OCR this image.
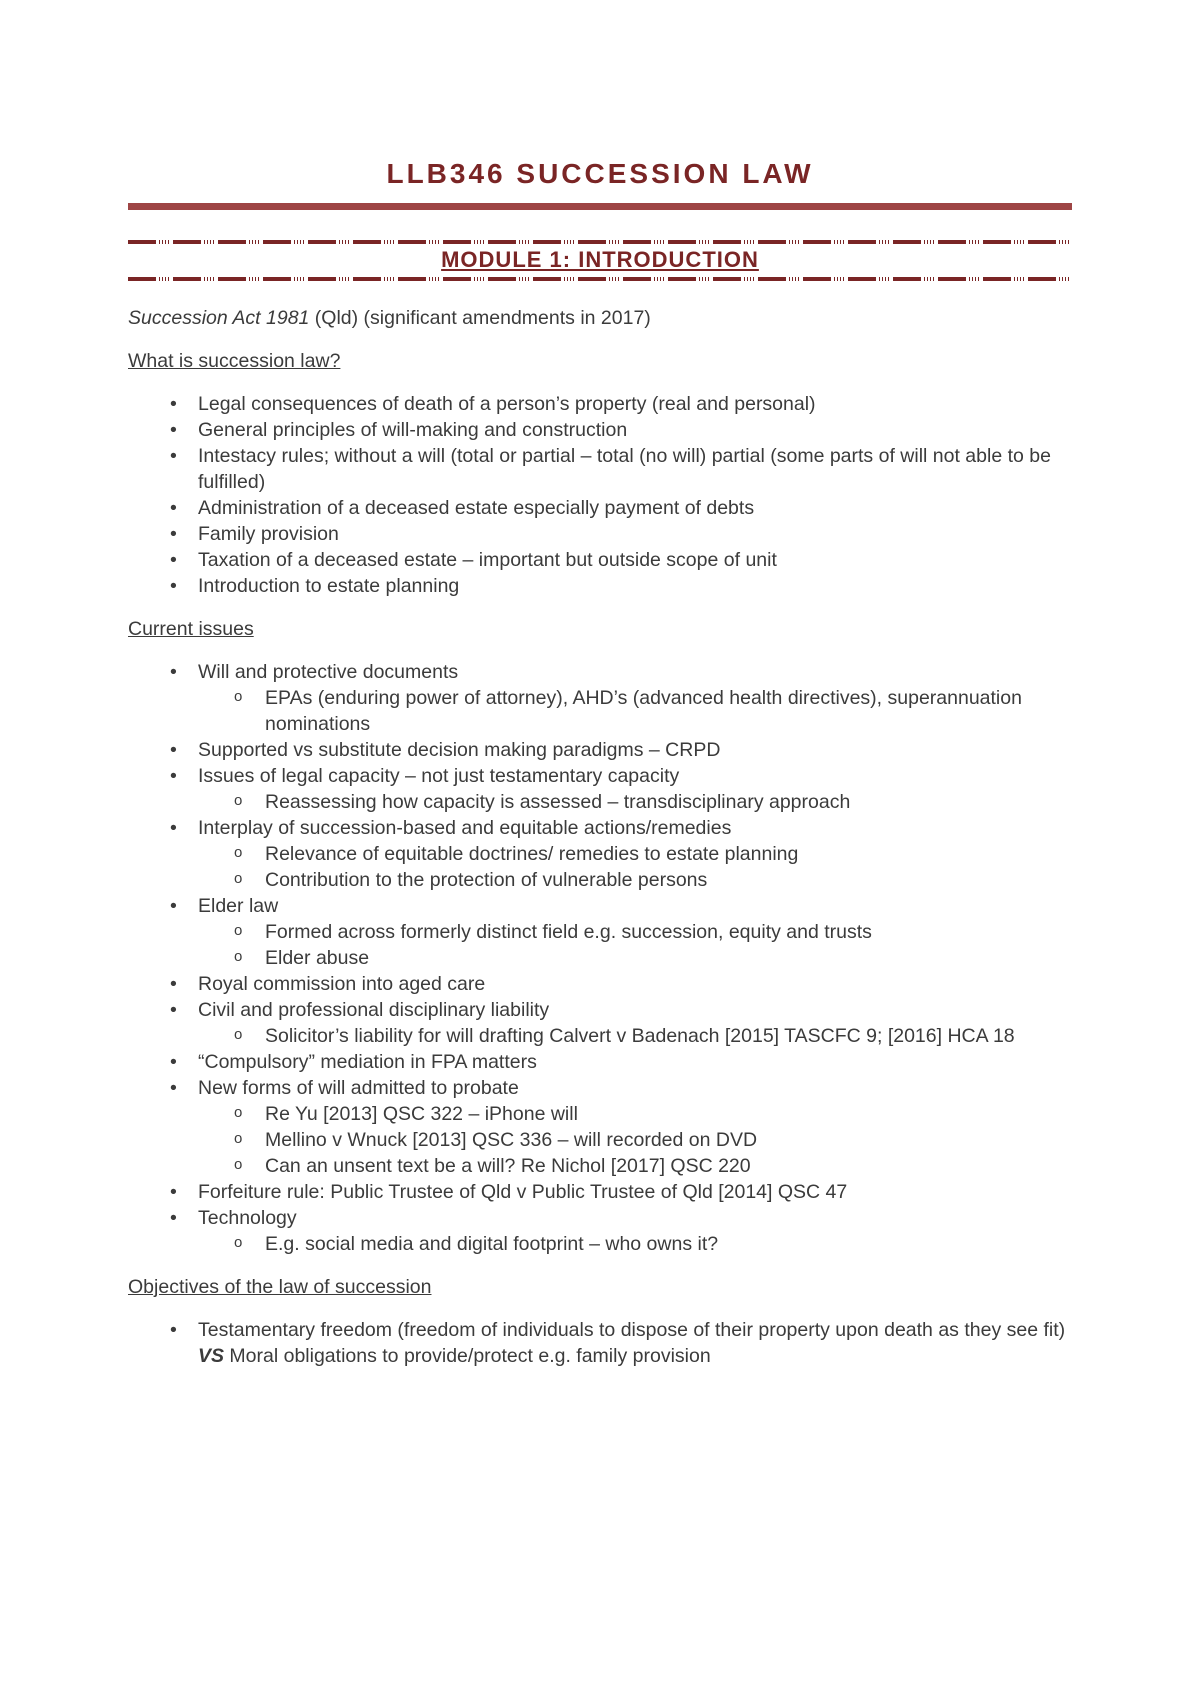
LLB346 SUCCESSION LAW
MODULE 1: INTRODUCTION

Succession Act 1981 (Qld) (significant amendments in 2017)

What is succession law?
• Legal consequences of death of a person’s property (real and personal)
• General principles of will-making and construction
• Intestacy rules; without a will (total or partial – total (no will) partial (some parts of will not able to be fulfilled)
• Administration of a deceased estate especially payment of debts
• Family provision
• Taxation of a deceased estate – important but outside scope of unit
• Introduction to estate planning
Current issues
• Will and protective documents
o EPAs (enduring power of attorney), AHD’s (advanced health directives), superannuation nominations
• Supported vs substitute decision making paradigms – CRPD
• Issues of legal capacity – not just testamentary capacity
o Reassessing how capacity is assessed – transdisciplinary approach
• Interplay of succession-based and equitable actions/remedies
o Relevance of equitable doctrines/ remedies to estate planning
o Contribution to the protection of vulnerable persons
• Elder law
o Formed across formerly distinct field e.g. succession, equity and trusts
o Elder abuse
• Royal commission into aged care
• Civil and professional disciplinary liability
o Solicitor’s liability for will drafting Calvert v Badenach [2015] TASCFC 9; [2016] HCA 18
• “Compulsory” mediation in FPA matters
• New forms of will admitted to probate
o Re Yu [2013] QSC 322 – iPhone will
o Mellino v Wnuck [2013] QSC 336 – will recorded on DVD
o Can an unsent text be a will? Re Nichol [2017] QSC 220
• Forfeiture rule: Public Trustee of Qld v Public Trustee of Qld [2014] QSC 47
• Technology
o E.g. social media and digital footprint – who owns it?
Objectives of the law of succession
• Testamentary freedom (freedom of individuals to dispose of their property upon death as they see fit) VS Moral obligations to provide/protect e.g. family provision
